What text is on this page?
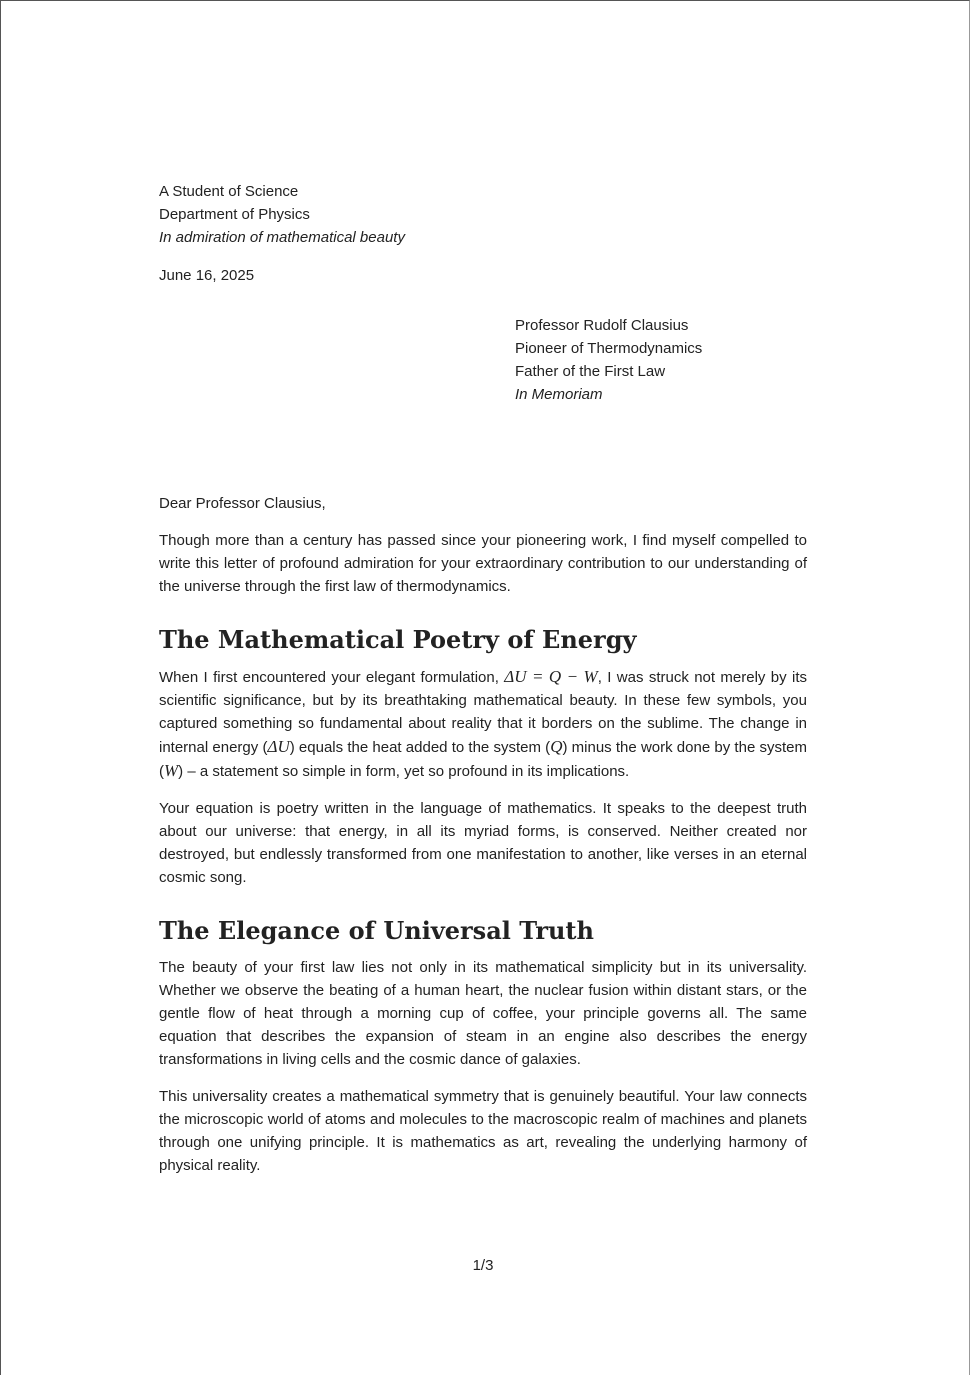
A Student of Science
Department of Physics
In admiration of mathematical beauty
June 16, 2025
Professor Rudolf Clausius
Pioneer of Thermodynamics
Father of the First Law
In Memoriam
Dear Professor Clausius,

Though more than a century has passed since your pioneering work, I find myself compelled to write this letter of profound admiration for your extraordinary contribution to our understanding of the universe through the first law of thermodynamics.

The Mathematical Poetry of Energy

When I first encountered your elegant formulation, ΔU = Q − W, I was struck not merely by its scientific significance, but by its breathtaking mathematical beauty. In these few symbols, you captured something so fundamental about reality that it borders on the sublime. The change in internal energy (ΔU) equals the heat added to the system (Q) minus the work done by the system (W) – a statement so simple in form, yet so profound in its implications.

Your equation is poetry written in the language of mathematics. It speaks to the deepest truth about our universe: that energy, in all its myriad forms, is conserved. Neither created nor destroyed, but endlessly transformed from one manifestation to another, like verses in an eternal cosmic song.

The Elegance of Universal Truth

The beauty of your first law lies not only in its mathematical simplicity but in its universality. Whether we observe the beating of a human heart, the nuclear fusion within distant stars, or the gentle flow of heat through a morning cup of coffee, your principle governs all. The same equation that describes the expansion of steam in an engine also describes the energy transformations in living cells and the cosmic dance of galaxies.

This universality creates a mathematical symmetry that is genuinely beautiful. Your law connects the microscopic world of atoms and molecules to the macroscopic realm of machines and planets through one unifying principle. It is mathematics as art, revealing the underlying harmony of physical reality.

1/3
